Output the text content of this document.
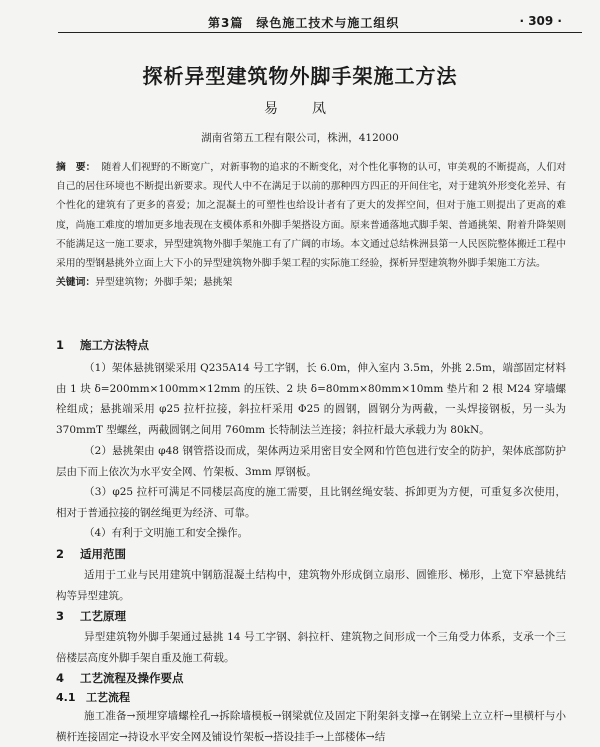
第3篇　绿色施工技术与施工组织	· 309 ·
探析异型建筑物外脚手架施工方法
易　凤
湖南省第五工程有限公司，株洲，412000
摘　要： 随着人们视野的不断宽广，对新事物的追求的不断变化，对个性化事物的认可，审美观的不断提高，人们对自己的居住环境也不断提出新要求。现代人中不在满足于以前的那种四方四正的开间住宅，对于建筑外形变化差异、有个性化的建筑有了更多的喜爱；加之混凝土的可塑性也给设计者有了更大的发挥空间，但对于施工则提出了更高的难度，尚施工难度的增加更多地表现在支模体系和外脚手架搭设方面。原来普通落地式脚手架、普通挑架、附着升降架则不能满足这一施工要求，异型建筑物外脚手架施工有了广阔的市场。本文通过总结株洲县第一人民医院整体搬迁工程中采用的型钢悬挑外立面上大下小的异型建筑物外脚手架工程的实际施工经验，探析异型建筑物外脚手架施工方法。
关键词：异型建筑物；外脚手架；悬挑架
1 施工方法特点
（1）架体悬挑钢梁采用 Q235A14 号工字钢，长 6.0m，伸入室内 3.5m，外挑 2.5m，端部固定材料由 1 块 δ=200mm×100mm×12mm 的压铁、2 块 δ=80mm×80mm×10mm 垫片和 2 根 M24 穿墙螺栓组成；悬挑端采用 φ25 拉杆拉接，斜拉杆采用 Φ25 的圆钢，圆钢分为两截，一头焊接钢板，另一头为 370mmT 型螺丝，两截圆钢之间用 760mm 长特制法兰连接；斜拉杆最大承载力为 80kN。
（2）悬挑架由 φ48 钢管搭设而成，架体两边采用密目安全网和竹笆包进行安全的防护，架体底部防护层由下而上依次为水平安全网、竹架板、3mm 厚钢板。
（3）φ25 拉杆可满足不同楼层高度的施工需要，且比钢丝绳安装、拆卸更为方便，可重复多次使用，相对于普通拉接的钢丝绳更为经济、可靠。
（4）有利于文明施工和安全操作。
2 适用范围
适用于工业与民用建筑中钢筋混凝土结构中，建筑物外形成倒立扇形、圆锥形、梯形，上宽下窄悬挑结构等异型建筑。
3 工艺原理
异型建筑物外脚手架通过悬挑 14 号工字钢、斜拉杆、建筑物之间形成一个三角受力体系，支承一个三倍楼层高度外脚手架自重及施工荷载。
4 工艺流程及操作要点
4.1 工艺流程
施工准备→预埋穿墙螺栓孔→拆除墙模板→钢梁就位及固定下附架斜支撑→在钢梁上立立杆→里横杆与小横杆连接固定→持设水平安全网及铺设竹架板→搭设挂手→上部楼体→结
